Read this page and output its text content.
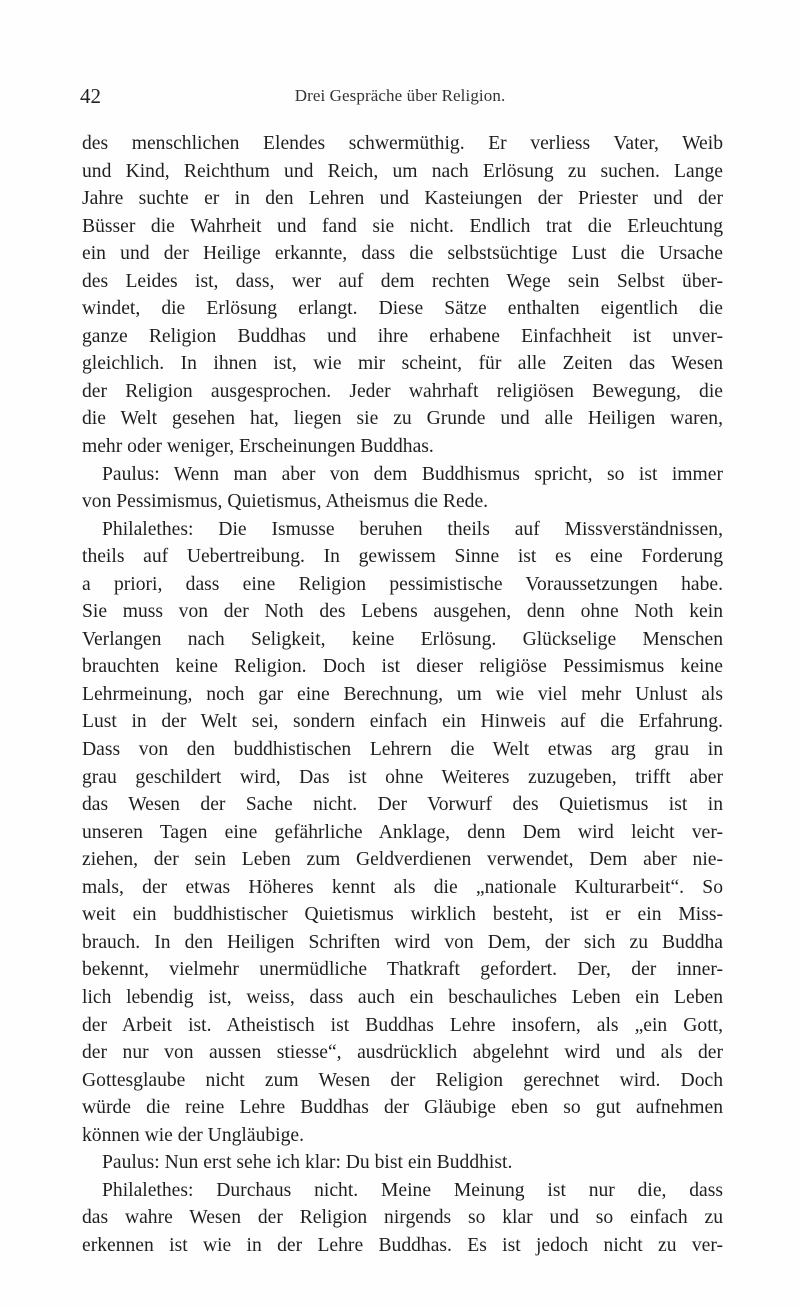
42	Drei Gespräche über Religion.
des menschlichen Elendes schwermüthig. Er verliess Vater, Weib
und Kind, Reichthum und Reich, um nach Erlösung zu suchen. Lange
Jahre suchte er in den Lehren und Kasteiungen der Priester und der
Büsser die Wahrheit und fand sie nicht. Endlich trat die Erleuchtung
ein und der Heilige erkannte, dass die selbstsüchtige Lust die Ursache
des Leides ist, dass, wer auf dem rechten Wege sein Selbst über-
windet, die Erlösung erlangt. Diese Sätze enthalten eigentlich die
ganze Religion Buddhas und ihre erhabene Einfachheit ist unver-
gleichlich. In ihnen ist, wie mir scheint, für alle Zeiten das Wesen
der Religion ausgesprochen. Jeder wahrhaft religiösen Bewegung, die
die Welt gesehen hat, liegen sie zu Grunde und alle Heiligen waren,
mehr oder weniger, Erscheinungen Buddhas.
Paulus: Wenn man aber von dem Buddhismus spricht, so ist immer
von Pessimismus, Quietismus, Atheismus die Rede.
Philalethes: Die Ismusse beruhen theils auf Missverständnissen,
theils auf Uebertreibung. In gewissem Sinne ist es eine Forderung
a priori, dass eine Religion pessimistische Voraussetzungen habe.
Sie muss von der Noth des Lebens ausgehen, denn ohne Noth kein
Verlangen nach Seligkeit, keine Erlösung. Glückselige Menschen
brauchten keine Religion. Doch ist dieser religiöse Pessimismus keine
Lehrmeinung, noch gar eine Berechnung, um wie viel mehr Unlust als
Lust in der Welt sei, sondern einfach ein Hinweis auf die Erfahrung.
Dass von den buddhistischen Lehrern die Welt etwas arg grau in
grau geschildert wird, Das ist ohne Weiteres zuzugeben, trifft aber
das Wesen der Sache nicht. Der Vorwurf des Quietismus ist in
unseren Tagen eine gefährliche Anklage, denn Dem wird leicht ver-
ziehen, der sein Leben zum Geldverdienen verwendet, Dem aber nie-
mals, der etwas Höheres kennt als die „nationale Kulturarbeit“. So
weit ein buddhistischer Quietismus wirklich besteht, ist er ein Miss-
brauch. In den Heiligen Schriften wird von Dem, der sich zu Buddha
bekennt, vielmehr unermüdliche Thatkraft gefordert. Der, der inner-
lich lebendig ist, weiss, dass auch ein beschauliches Leben ein Leben
der Arbeit ist. Atheistisch ist Buddhas Lehre insofern, als „ein Gott,
der nur von aussen stiesse“, ausdrücklich abgelehnt wird und als der
Gottesglaube nicht zum Wesen der Religion gerechnet wird. Doch
würde die reine Lehre Buddhas der Gläubige eben so gut aufnehmen
können wie der Ungläubige.
Paulus: Nun erst sehe ich klar: Du bist ein Buddhist.
Philalethes: Durchaus nicht. Meine Meinung ist nur die, dass
das wahre Wesen der Religion nirgends so klar und so einfach zu
erkennen ist wie in der Lehre Buddhas. Es ist jedoch nicht zu ver-
